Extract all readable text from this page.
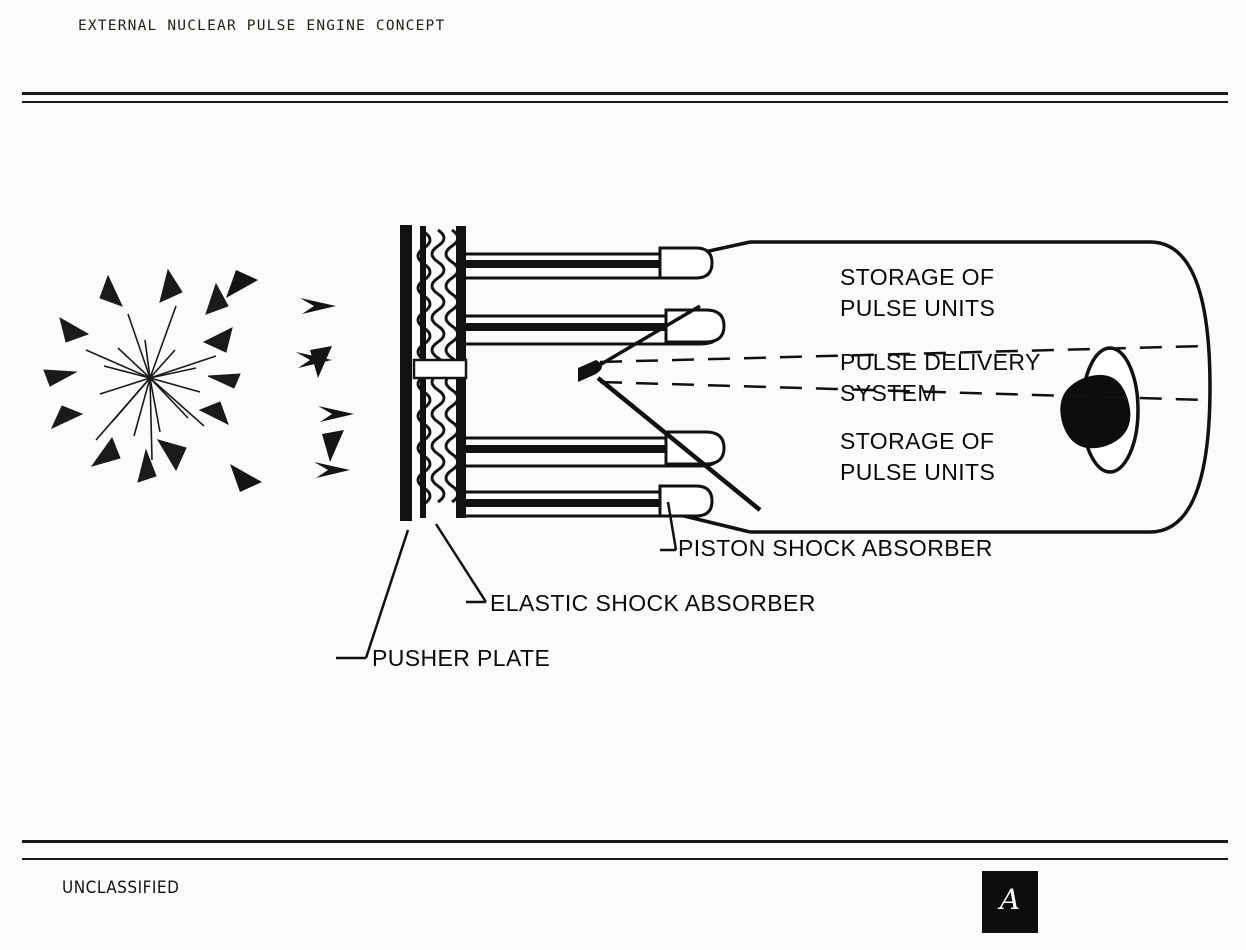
EXTERNAL NUCLEAR PULSE ENGINE CONCEPT
STORAGE OF
PULSE UNITS
PULSE DELIVERY
SYSTEM
STORAGE OF
PULSE UNITS
PISTON SHOCK ABSORBER
ELASTIC SHOCK ABSORBER
PUSHER PLATE
UNCLASSIFIED	A
